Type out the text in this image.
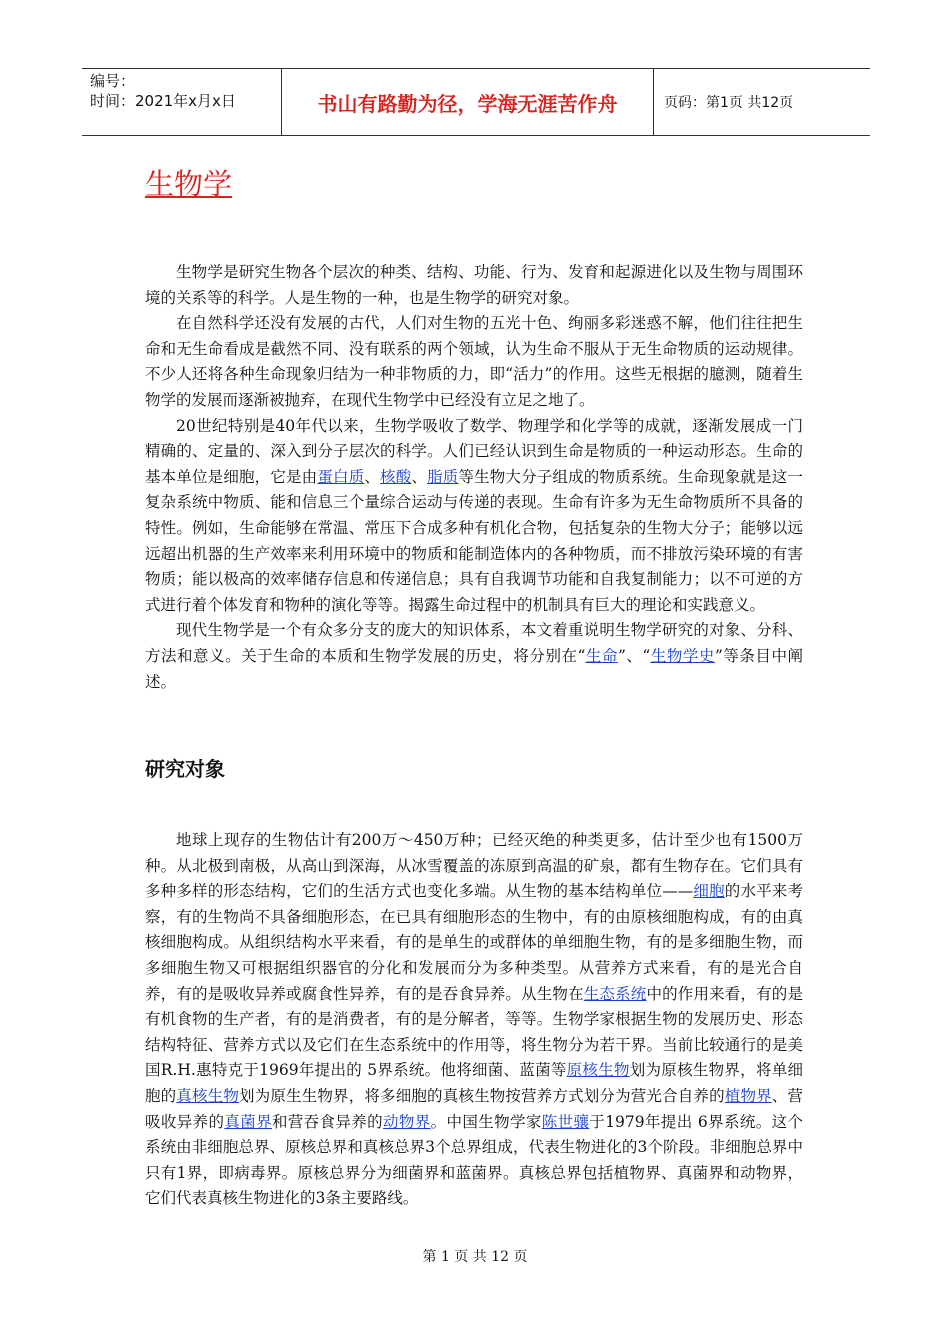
编号：
时间：2021年x月x日	书山有路勤为径，学海无涯苦作舟	页码：第1页 共12页
生物学

生物学是研究生物各个层次的种类、结构、功能、行为、发育和起源进化以及生物与周围环境的关系等的科学。人是生物的一种，也是生物学的研究对象。

在自然科学还没有发展的古代，人们对生物的五光十色、绚丽多彩迷惑不解，他们往往把生命和无生命看成是截然不同、没有联系的两个领域，认为生命不服从于无生命物质的运动规律。不少人还将各种生命现象归结为一种非物质的力，即“活力”的作用。这些无根据的臆测，随着生物学的发展而逐渐被抛弃，在现代生物学中已经没有立足之地了。

20世纪特别是40年代以来，生物学吸收了数学、物理学和化学等的成就，逐渐发展成一门精确的、定量的、深入到分子层次的科学。人们已经认识到生命是物质的一种运动形态。生命的基本单位是细胞，它是由蛋白质、核酸、脂质等生物大分子组成的物质系统。生命现象就是这一复杂系统中物质、能和信息三个量综合运动与传递的表现。生命有许多为无生命物质所不具备的特性。例如，生命能够在常温、常压下合成多种有机化合物，包括复杂的生物大分子；能够以远远超出机器的生产效率来利用环境中的物质和能制造体内的各种物质，而不排放污染环境的有害物质；能以极高的效率储存信息和传递信息；具有自我调节功能和自我复制能力；以不可逆的方式进行着个体发育和物种的演化等等。揭露生命过程中的机制具有巨大的理论和实践意义。

现代生物学是一个有众多分支的庞大的知识体系，本文着重说明生物学研究的对象、分科、方法和意义。关于生命的本质和生物学发展的历史，将分别在“生命”、“生物学史”等条目中阐述。

研究对象

地球上现存的生物估计有200万～450万种；已经灭绝的种类更多，估计至少也有1500万种。从北极到南极，从高山到深海，从冰雪覆盖的冻原到高温的矿泉，都有生物存在。它们具有多种多样的形态结构，它们的生活方式也变化多端。从生物的基本结构单位——细胞的水平来考察，有的生物尚不具备细胞形态，在已具有细胞形态的生物中，有的由原核细胞构成，有的由真核细胞构成。从组织结构水平来看，有的是单生的或群体的单细胞生物，有的是多细胞生物，而多细胞生物又可根据组织器官的分化和发展而分为多种类型。从营养方式来看，有的是光合自养，有的是吸收异养或腐食性异养，有的是吞食异养。从生物在生态系统中的作用来看，有的是有机食物的生产者，有的是消费者，有的是分解者，等等。生物学家根据生物的发展历史、形态结构特征、营养方式以及它们在生态系统中的作用等，将生物分为若干界。当前比较通行的是美国R.H.惠特克于1969年提出的 5界系统。他将细菌、蓝菌等原核生物划为原核生物界，将单细胞的真核生物划为原生生物界，将多细胞的真核生物按营养方式划分为营光合自养的植物界、营吸收异养的真菌界和营吞食异养的动物界。中国生物学家陈世骧于1979年提出 6界系统。这个系统由非细胞总界、原核总界和真核总界3个总界组成，代表生物进化的3个阶段。非细胞总界中只有1界，即病毒界。原核总界分为细菌界和蓝菌界。真核总界包括植物界、真菌界和动物界，它们代表真核生物进化的3条主要路线。

第 1 页 共 12 页
